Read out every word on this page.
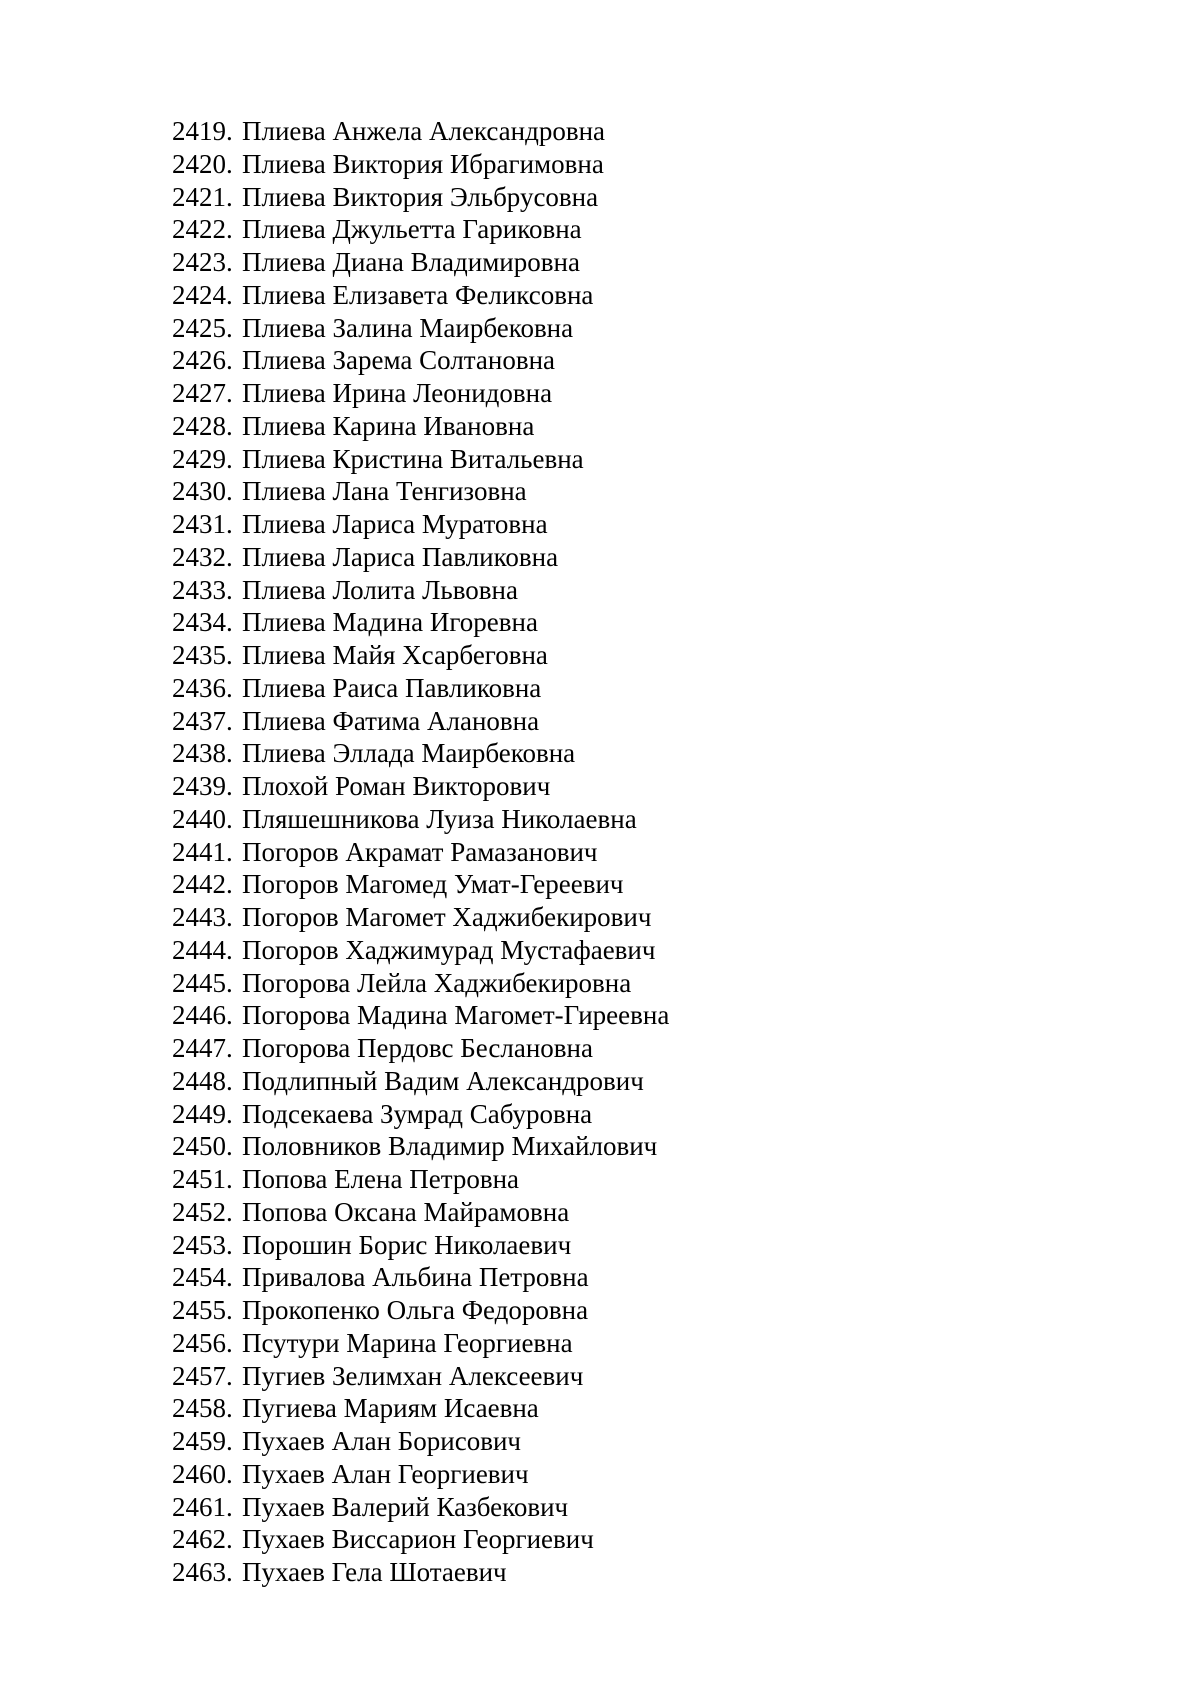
2419. Плиева Анжела Александровна
2420. Плиева Виктория Ибрагимовна
2421. Плиева Виктория Эльбрусовна
2422. Плиева Джульетта Гариковна
2423. Плиева Диана Владимировна
2424. Плиева Елизавета Феликсовна
2425. Плиева Залина Маирбековна
2426. Плиева Зарема Солтановна
2427. Плиева Ирина Леонидовна
2428. Плиева Карина Ивановна
2429. Плиева Кристина Витальевна
2430. Плиева Лана Тенгизовна
2431. Плиева Лариса Муратовна
2432. Плиева Лариса Павликовна
2433. Плиева Лолита Львовна
2434. Плиева Мадина Игоревна
2435. Плиева Майя Хсарбеговна
2436. Плиева Раиса Павликовна
2437. Плиева Фатима Алановна
2438. Плиева Эллада Маирбековна
2439. Плохой Роман Викторович
2440. Пляшешникова Луиза Николаевна
2441. Погоров Акрамат Рамазанович
2442. Погоров Магомед Умат-Гереевич
2443. Погоров Магомет Хаджибекирович
2444. Погоров Хаджимурад Мустафаевич
2445. Погорова Лейла Хаджибекировна
2446. Погорова Мадина Магомет-Гиреевна
2447. Погорова Пердовс Беслановна
2448. Подлипный Вадим Александрович
2449. Подсекаева Зумрад Сабуровна
2450. Половников Владимир Михайлович
2451. Попова Елена Петровна
2452. Попова Оксана Майрамовна
2453. Порошин Борис Николаевич
2454. Привалова Альбина Петровна
2455. Прокопенко Ольга Федоровна
2456. Псутури Марина Георгиевна
2457. Пугиев Зелимхан Алексеевич
2458. Пугиева Мариям Исаевна
2459. Пухаев Алан Борисович
2460. Пухаев Алан Георгиевич
2461. Пухаев Валерий Казбекович
2462. Пухаев Виссарион Георгиевич
2463. Пухаев Гела Шотаевич
